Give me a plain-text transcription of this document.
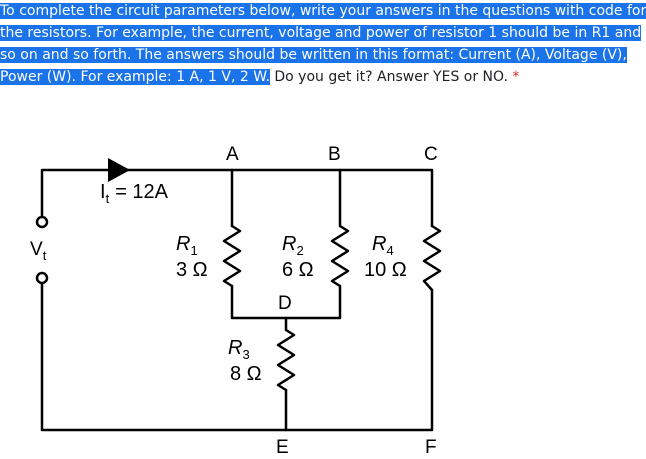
To complete the circuit parameters below, write your answers in the questions with code for
the resistors. For example, the current, voltage and power of resistor 1 should be in R1 and
so on and so forth. The answers should be written in this format: Current (A), Voltage (V),
Power (W). For example: 1 A, 1 V, 2 W. Do you get it? Answer YES or NO. *
A	B	C
D
E	F
$I_t = 12A$
$V_t$
$R_1$
3 Ω
$R_2$
6 Ω
$R_4$
10 Ω
$R_3$
8 Ω
